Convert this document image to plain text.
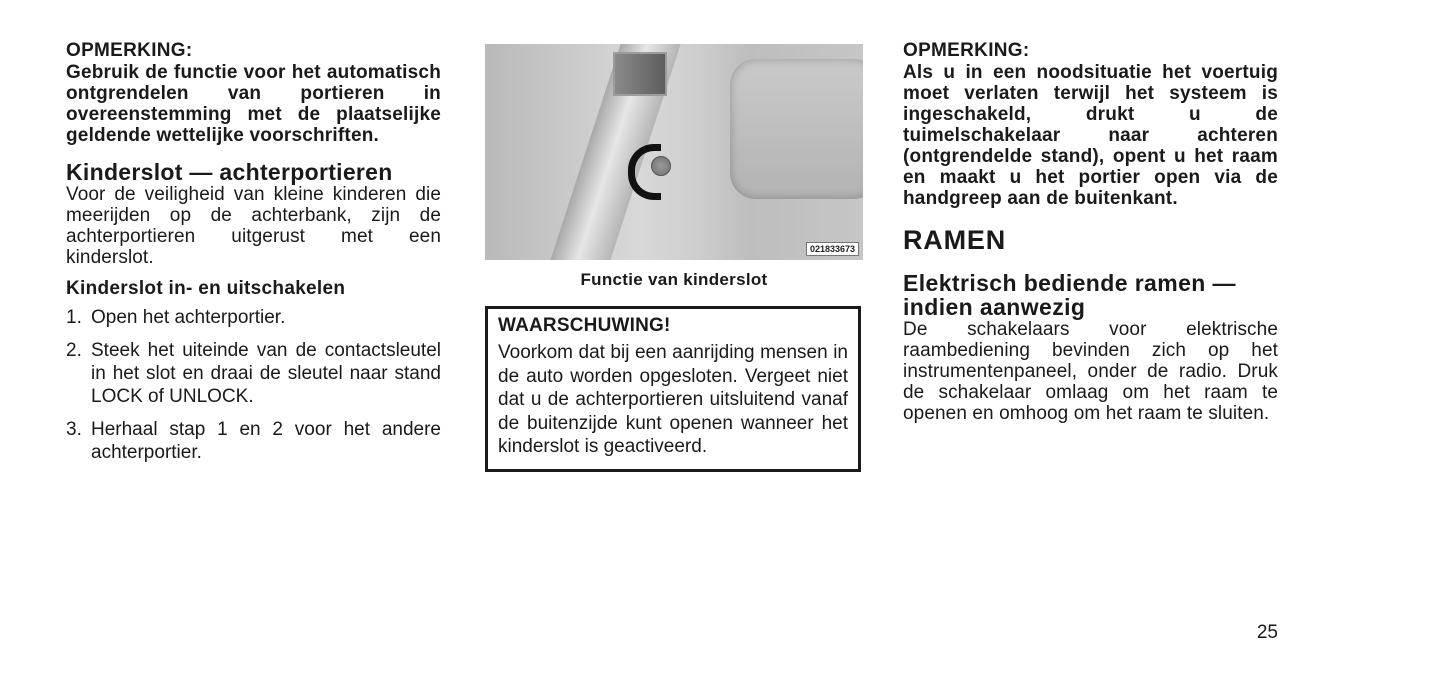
OPMERKING:

Gebruik de functie voor het automatisch ontgrendelen van portieren in overeenstemming met de plaatselijke geldende wettelijke voorschriften.

Kinderslot — achterportieren

Voor de veiligheid van kleine kinderen die meerijden op de achterbank, zijn de achterportieren uitgerust met een kinderslot.

Kinderslot in- en uitschakelen
1. Open het achterportier.
2. Steek het uiteinde van de contactsleutel in het slot en draai de sleutel naar stand LOCK of UNLOCK.
3. Herhaal stap 1 en 2 voor het andere achterportier.
021833673

Functie van kinderslot

WAARSCHUWING!

Voorkom dat bij een aanrijding mensen in de auto worden opgesloten. Vergeet niet dat u de achterportieren uitsluitend vanaf de buitenzijde kunt openen wanneer het kinderslot is geactiveerd.

OPMERKING:

Als u in een noodsituatie het voertuig moet verlaten terwijl het systeem is ingeschakeld, drukt u de tuimelschakelaar naar achteren (ontgrendelde stand), opent u het raam en maakt u het portier open via de handgreep aan de buitenkant.

RAMEN
Elektrisch bediende ramen — indien aanwezig

De schakelaars voor elektrische raambediening bevinden zich op het instrumentenpaneel, onder de radio. Druk de schakelaar omlaag om het raam te openen en omhoog om het raam te sluiten.

25
